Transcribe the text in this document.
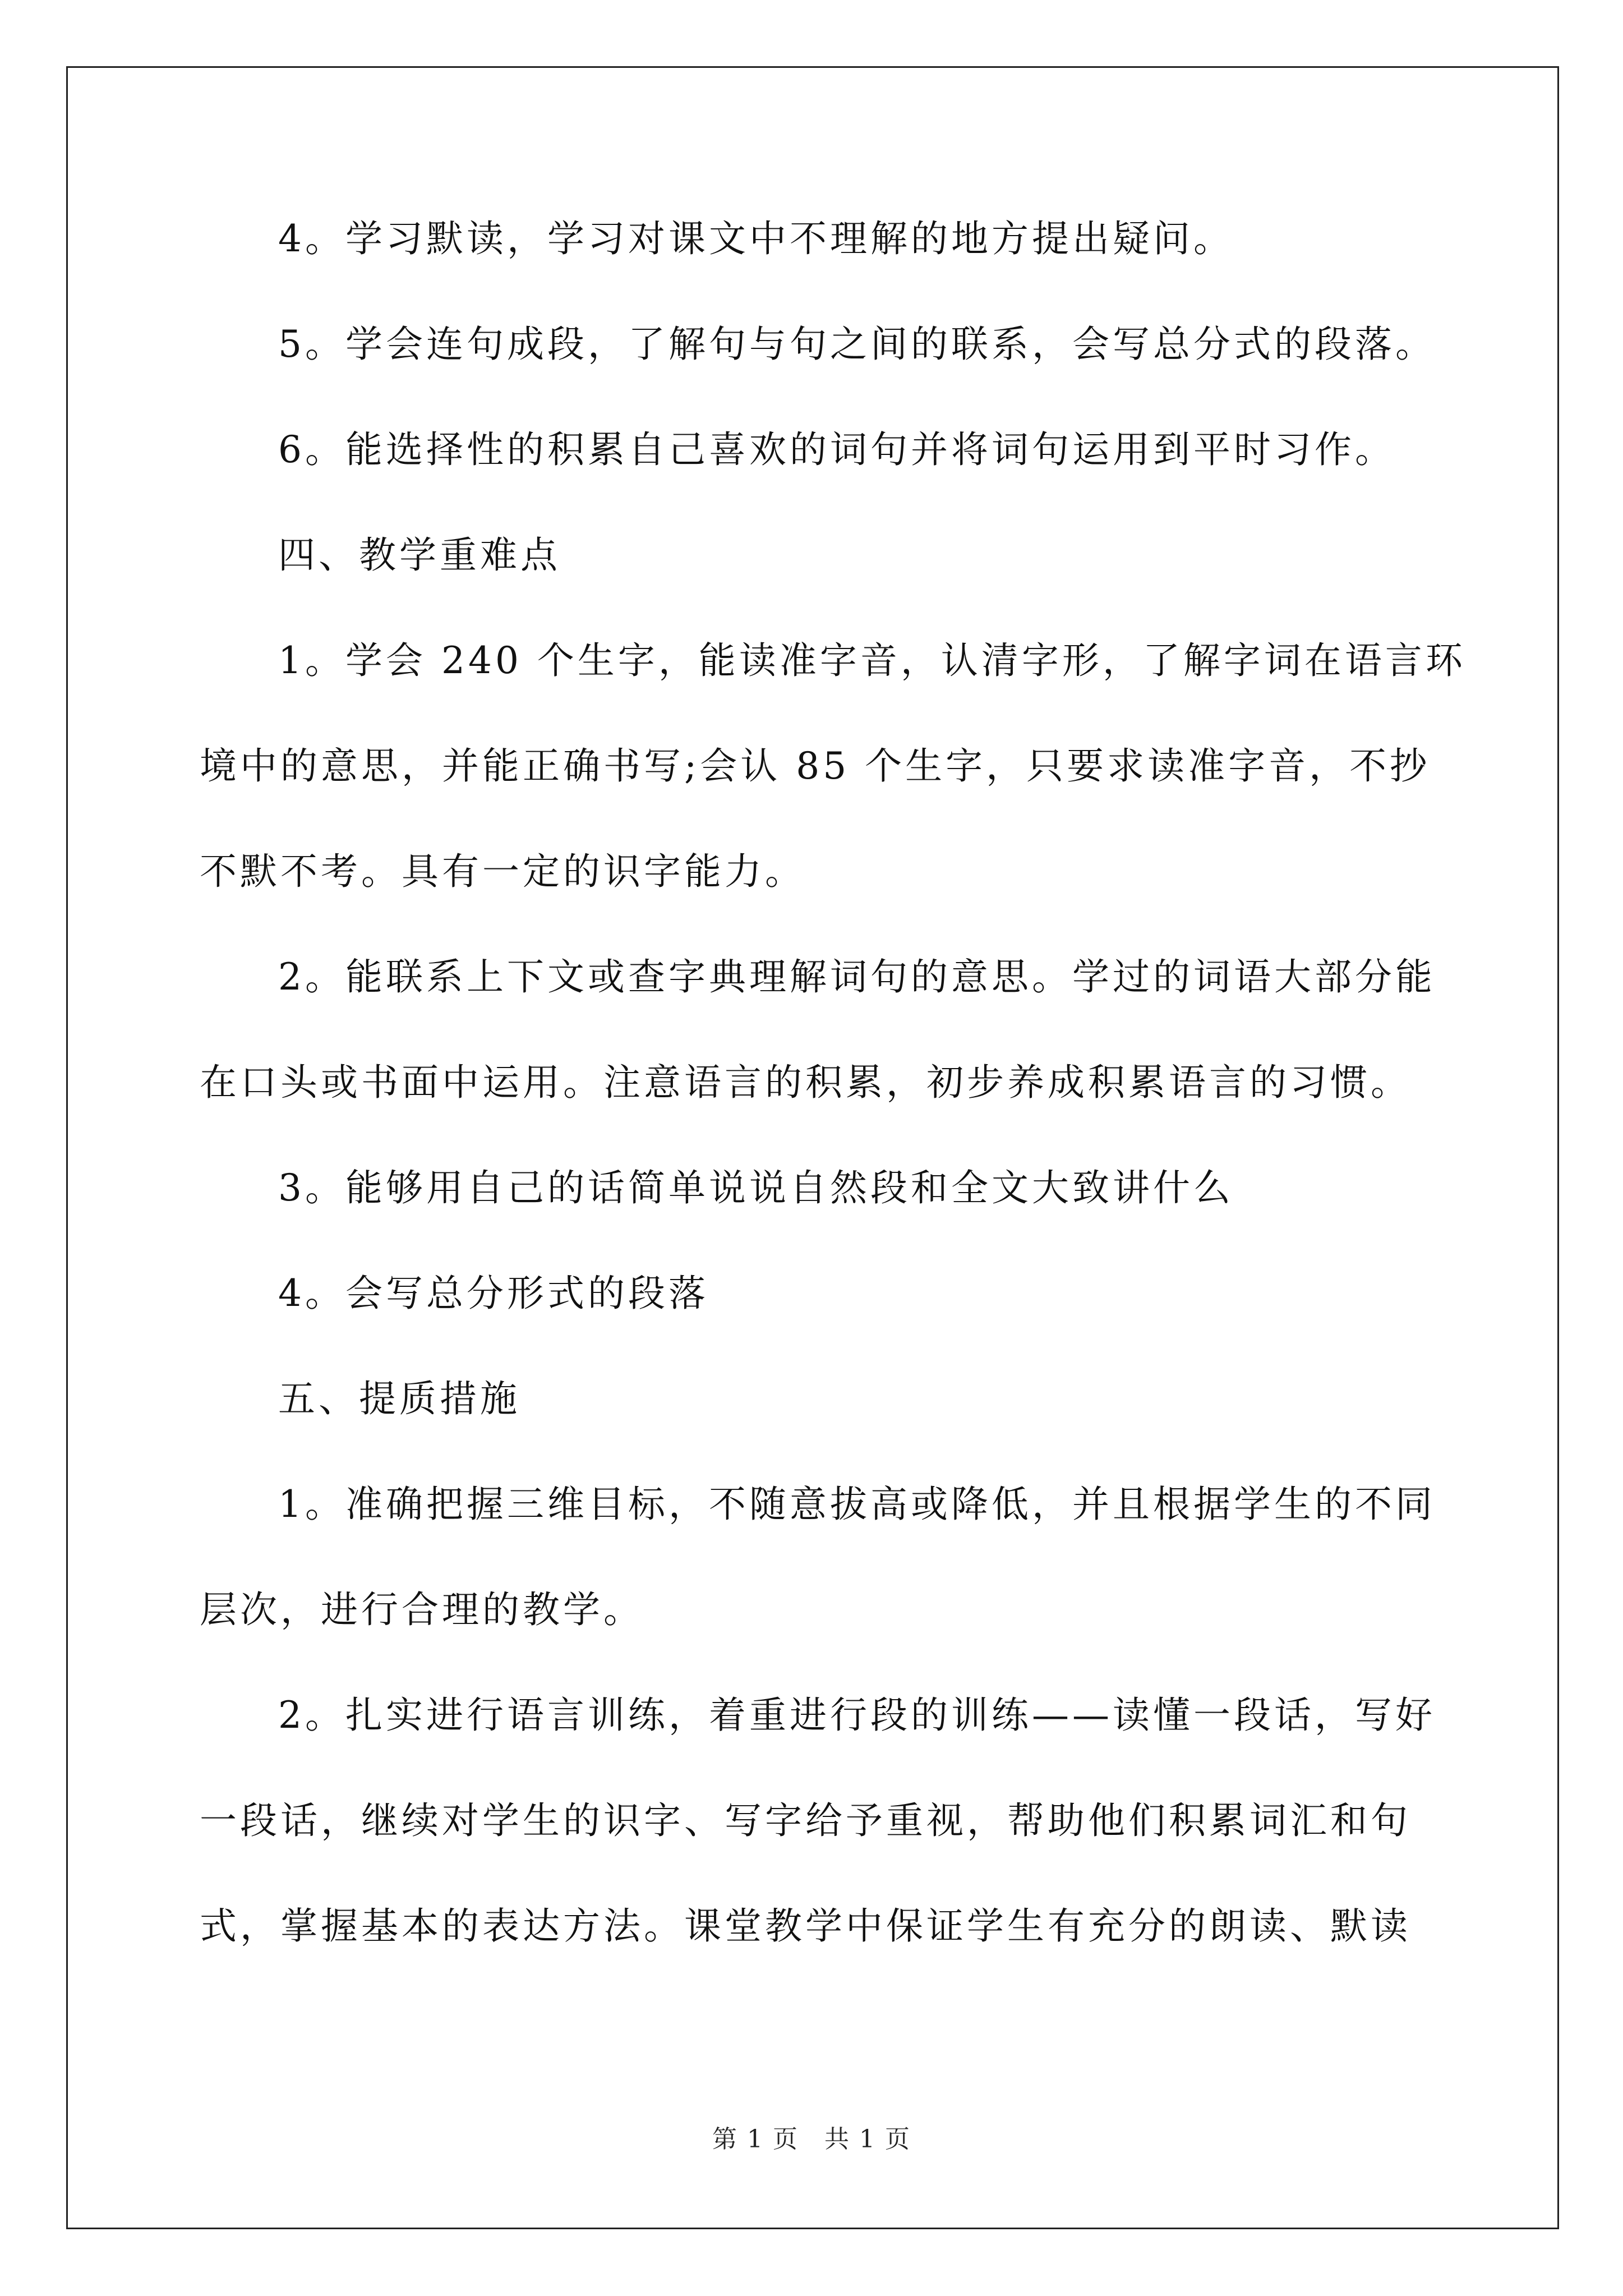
4。学习默读，学习对课文中不理解的地方提出疑问。
5。学会连句成段，了解句与句之间的联系，会写总分式的段落。
6。能选择性的积累自己喜欢的词句并将词句运用到平时习作。
四、教学重难点
1。学会 240 个生字，能读准字音，认清字形，了解字词在语言环
境中的意思，并能正确书写;会认 85 个生字，只要求读准字音，不抄
不默不考。具有一定的识字能力。
2。能联系上下文或查字典理解词句的意思。学过的词语大部分能
在口头或书面中运用。注意语言的积累，初步养成积累语言的习惯。
3。能够用自己的话简单说说自然段和全文大致讲什么
4。会写总分形式的段落
五、提质措施
1。准确把握三维目标，不随意拔高或降低，并且根据学生的不同
层次，进行合理的教学。
2。扎实进行语言训练，着重进行段的训练——读懂一段话，写好
一段话，继续对学生的识字、写字给予重视，帮助他们积累词汇和句
式，掌握基本的表达方法。课堂教学中保证学生有充分的朗读、默读
第 1 页　共 1 页
